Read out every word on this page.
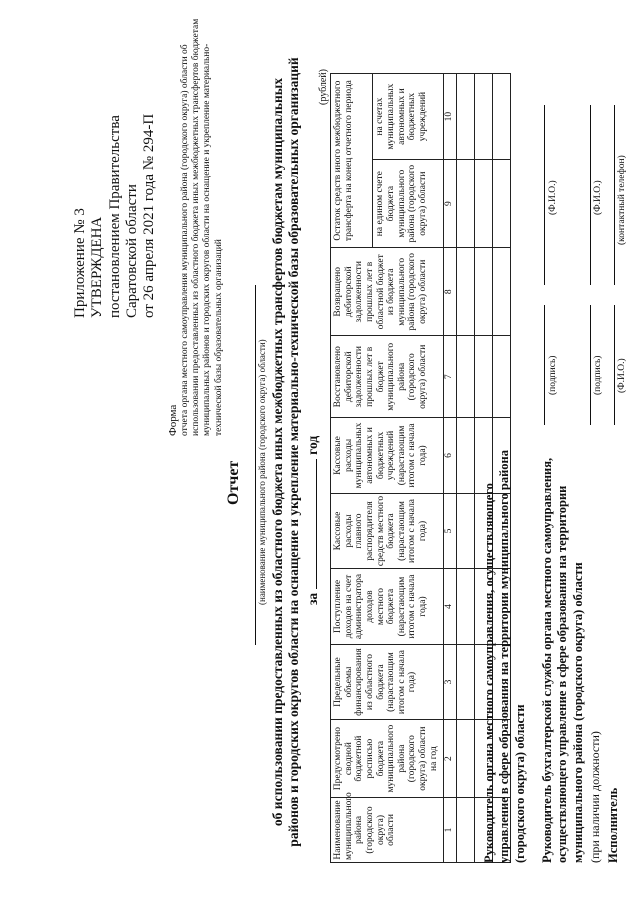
Приложение № 3 УТВЕРЖДЕНА постановлением Правительства Саратовской области от 26 апреля 2021 года № 294-П
Форма отчета органа местного самоуправления муниципального района (городского округа) области об использовании предоставленных из областного бюджета иных межбюджетных трансфертов бюджетам муниципальных районов и городских округов области на оснащение и укрепление материально-технической базы образовательных организаций
Отчет (наименование муниципального района (городского округа) области) об использовании предоставленных из областного бюджета иных межбюджетных трансфертов бюджетам муниципальных районов и городских округов области на оснащение и укрепление материально-технической базы образовательных организаций загод
(рублей)
Наименование муниципального района (городского округа) области	Предусмотрено сводной бюджетной росписью бюджета муниципального района (городского округа) области на год	Предельные объемы финансирования из областного бюджета (нарастающим итогом с начала года)	Поступление доходов на счет администратора доходов местного бюджета (нарастающим итогом с начала года)	Кассовые расходы главного распорядителя средств местного бюджета (нарастающим итогом с начала года)	Кассовые расходы муниципальных автономных и бюджетных учреждений (нарастающим итогом с начала года)	Восстановлено дебиторской задолженности прошлых лет в бюджет муниципального района (городского округа) области	Возвращено дебиторской задолженности прошлых лет в областной бюджет из бюджета муниципального района (городского округа) области	Остаток средств иного межбюджетного трансферта на конец отчетного периода	
								на едином счете бюджета муниципального района (городского округа) области	на счетах муниципальных автономных и бюджетных учреждений
1	2	3	4	5	6	7	8	9	10

Руководитель органа местного самоуправления, осуществляющего управление в сфере образования на территории муниципального района (городского округа) области
(подпись)
(Ф.И.О.)
Руководитель бухгалтерской службы органа местного самоуправления, осуществляющего управление в сфере образования на территории муниципального района (городского округа) области (при наличии должности)
(подпись)
(Ф.И.О.)
Исполнитель
(Ф.И.О.)
(контактный телефон)
